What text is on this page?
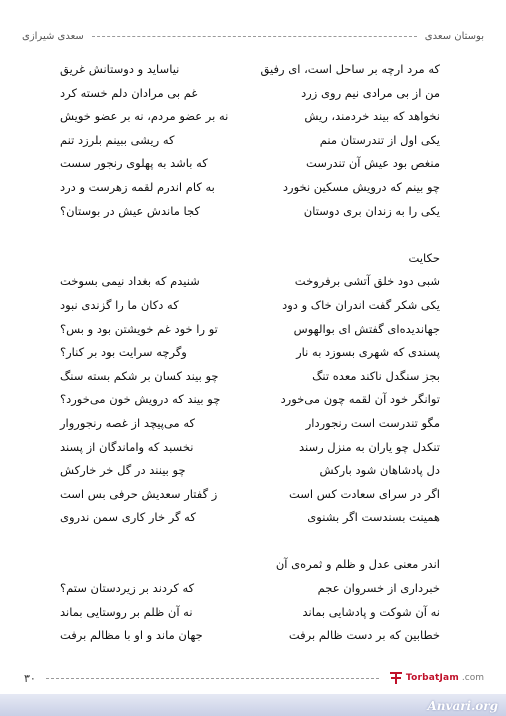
بوستان سعدی
سعدی شیرازی
که مرد ارچه بر ساحل است، ای رفیق
نیاساید و دوستانش غریق
من از بی مرادی نیم روی زرد
غم بی مرادان دلم خسته کرد
نخواهد که بیند خردمند، ریش
نه بر عضو مردم، نه بر عضو خویش
یکی اول از تندرستان منم
که ریشی ببینم بلرزد تنم
منغص بود عیش آن تندرست
که باشد به پهلوی رنجور سست
چو بینم که درویش مسکین نخورد
به کام اندرم لقمه زهرست و درد
یکی را به زندان بری دوستان
کجا ماندش عیش در بوستان؟
حکایت
شبی دود خلق آتشی برفروخت
شنیدم که بغداد نیمی بسوخت
یکی شکر گفت اندران خاک و دود
که دکان ما را گزندی نبود
جهاندیده‌ای گفتش ای بوالهوس
تو را خود غم خویشتن بود و بس؟
پسندی که شهری بسوزد به نار
وگرچه سرایت بود بر کنار؟
بجز سنگدل ناکند معده تنگ
چو بیند کسان بر شکم بسته سنگ
توانگر خود آن لقمه چون می‌خورد
چو بیند که درویش خون می‌خورد؟
مگو تندرست است رنجوردار
که می‌پیچد از غصه رنجوروار
تنکدل چو یاران به منزل رسند
نخسبد که واماندگان از پسند
دل پادشاهان شود بارکش
چو بینند در گل خر خارکش
اگر در سرای سعادت کس است
ز گفتار سعدیش حرفی بس است
همینت بسندست اگر بشنوی
که گر خار کاری سمن ندروی
اندر معنی عدل و ظلم و ثمره‌ی آن
خبرداری از خسروان عجم
که کردند بر زیردستان ستم؟
نه آن شوکت و پادشایی بماند
نه آن ظلم بر روستایی بماند
خطابین که بر دست ظالم برفت
جهان ماند و او با مظالم برفت
۳۰	TorbatJam .com
Anvari.org
